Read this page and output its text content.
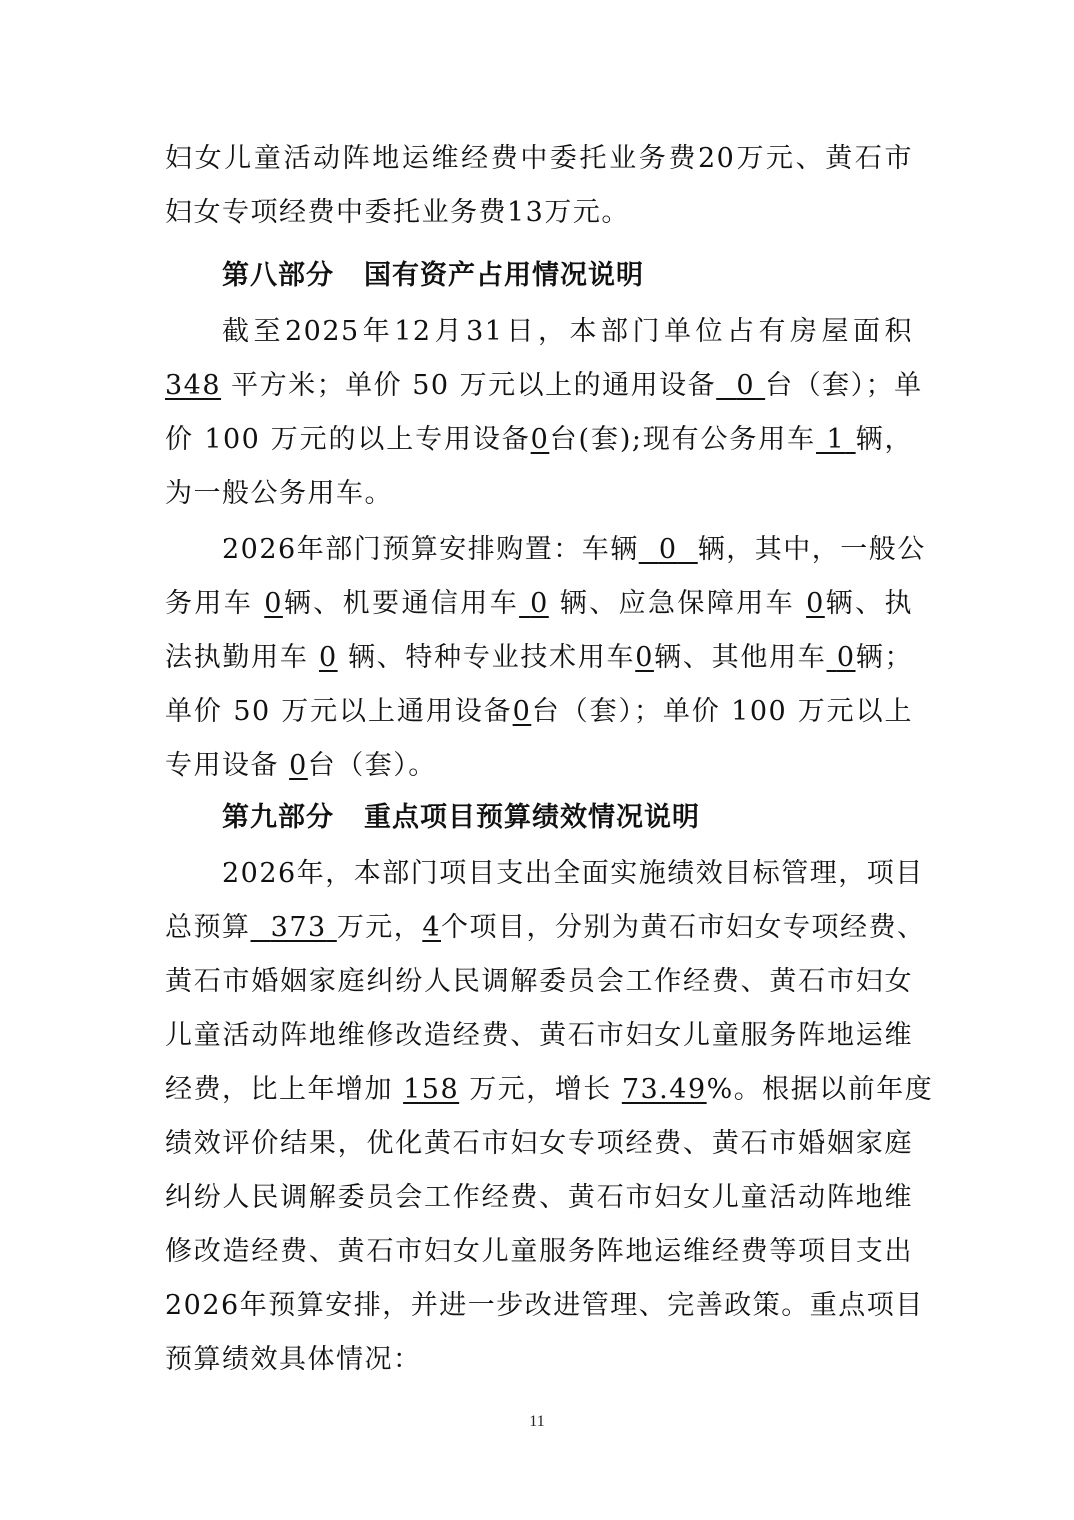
妇女儿童活动阵地运维经费中委托业务费20万元、黄石市
妇女专项经费中委托业务费13万元。
第八部分 国有资产占用情况说明
截至2025年12月31日，本部门单位占有房屋面积
348 平方米；单价 50 万元以上的通用设备 0 台（套）；单
价 100 万元的以上专用设备0台(套);现有公务用车 1 辆，
为一般公务用车。
2026年部门预算安排购置：车辆 0 辆，其中，一般公
务用车 0辆、机要通信用车 0 辆、应急保障用车 0辆、执
法执勤用车 0 辆、特种专业技术用车0辆、其他用车 0辆；
单价 50 万元以上通用设备0台（套）；单价 100 万元以上
专用设备 0台（套）。
第九部分 重点项目预算绩效情况说明
2026年，本部门项目支出全面实施绩效目标管理，项目
总预算 373 万元，4个项目，分别为黄石市妇女专项经费、
黄石市婚姻家庭纠纷人民调解委员会工作经费、黄石市妇女
儿童活动阵地维修改造经费、黄石市妇女儿童服务阵地运维
经费，比上年增加 158 万元，增长 73.49%。根据以前年度
绩效评价结果，优化黄石市妇女专项经费、黄石市婚姻家庭
纠纷人民调解委员会工作经费、黄石市妇女儿童活动阵地维
修改造经费、黄石市妇女儿童服务阵地运维经费等项目支出
2026年预算安排，并进一步改进管理、完善政策。重点项目
预算绩效具体情况：
11
